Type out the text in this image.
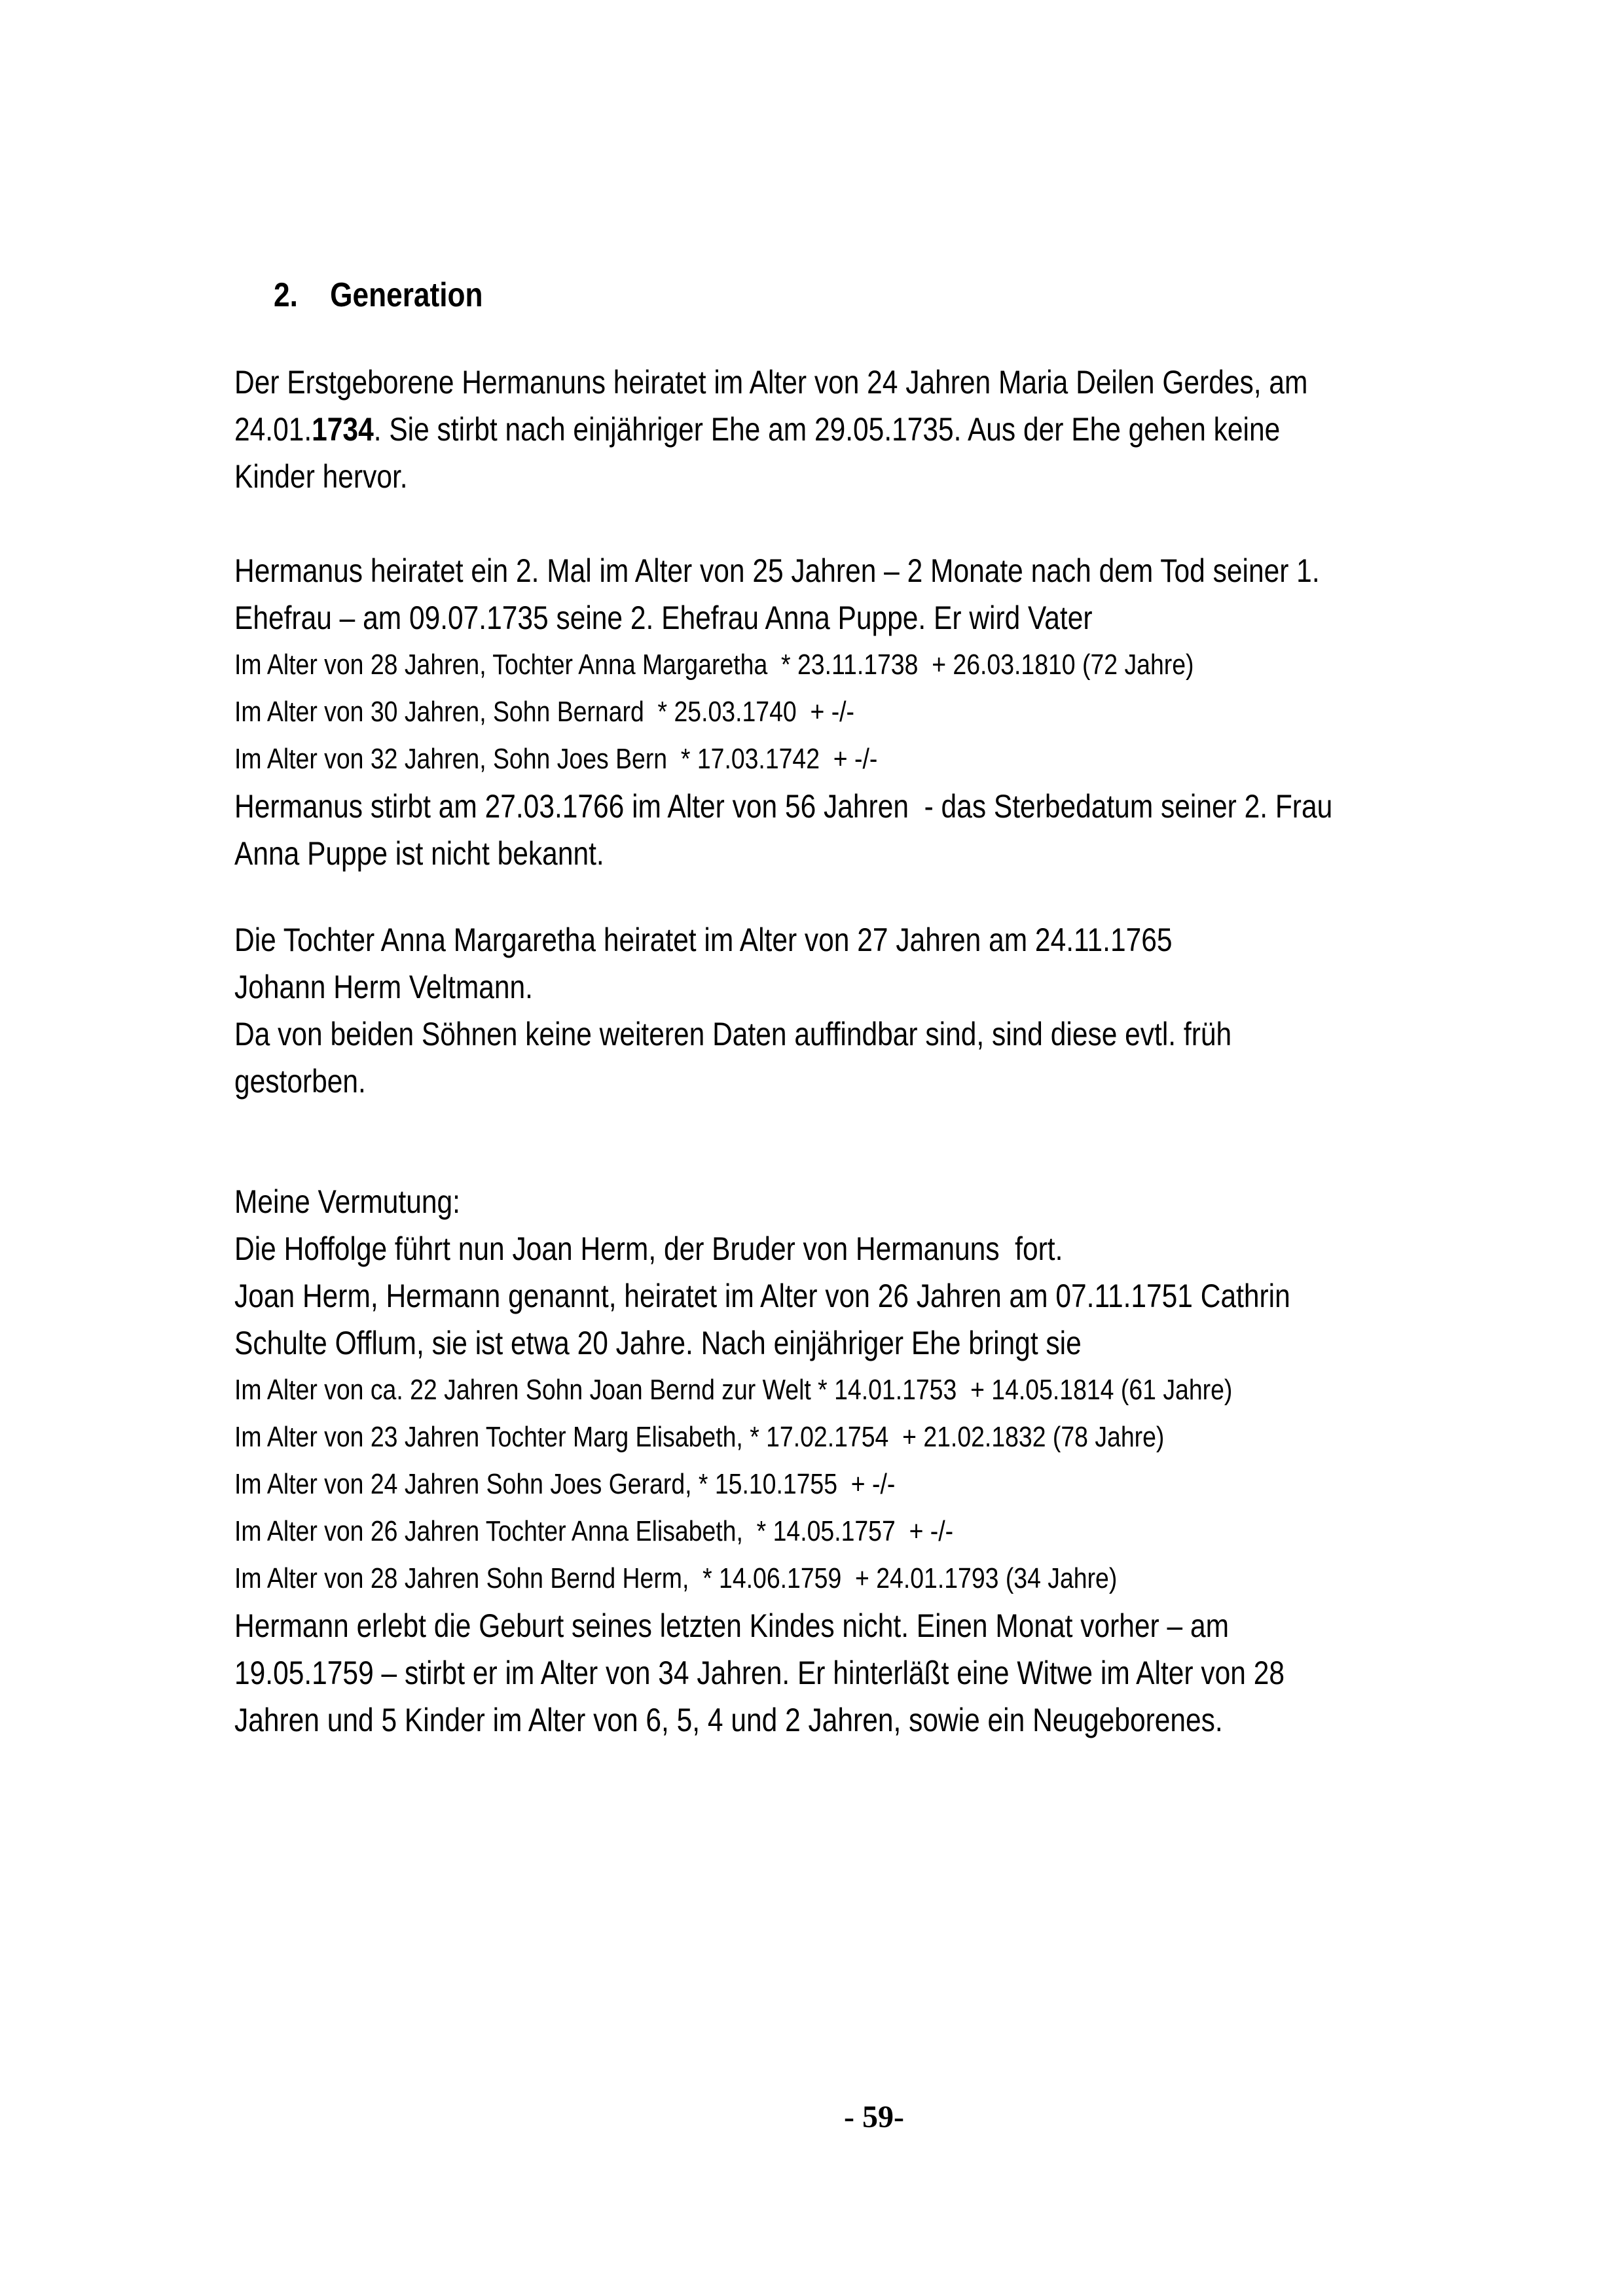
2. Generation
Der Erstgeborene Hermanuns heiratet im Alter von 24 Jahren Maria Deilen Gerdes, am
24.01.1734. Sie stirbt nach einjähriger Ehe am 29.05.1735. Aus der Ehe gehen keine
Kinder hervor.
Hermanus heiratet ein 2. Mal im Alter von 25 Jahren – 2 Monate nach dem Tod seiner 1.
Ehefrau – am 09.07.1735 seine 2. Ehefrau Anna Puppe. Er wird Vater
Im Alter von 28 Jahren, Tochter Anna Margaretha  * 23.11.1738  + 26.03.1810 (72 Jahre)
Im Alter von 30 Jahren, Sohn Bernard  * 25.03.1740  + -/-
Im Alter von 32 Jahren, Sohn Joes Bern  * 17.03.1742  + -/-
Hermanus stirbt am 27.03.1766 im Alter von 56 Jahren  - das Sterbedatum seiner 2. Frau
Anna Puppe ist nicht bekannt.
Die Tochter Anna Margaretha heiratet im Alter von 27 Jahren am 24.11.1765
Johann Herm Veltmann.
Da von beiden Söhnen keine weiteren Daten auffindbar sind, sind diese evtl. früh
gestorben.
Meine Vermutung:
Die Hoffolge führt nun Joan Herm, der Bruder von Hermanuns  fort.
Joan Herm, Hermann genannt, heiratet im Alter von 26 Jahren am 07.11.1751 Cathrin
Schulte Offlum, sie ist etwa 20 Jahre. Nach einjähriger Ehe bringt sie
Im Alter von ca. 22 Jahren Sohn Joan Bernd zur Welt * 14.01.1753  + 14.05.1814 (61 Jahre)
Im Alter von 23 Jahren Tochter Marg Elisabeth, * 17.02.1754  + 21.02.1832 (78 Jahre)
Im Alter von 24 Jahren Sohn Joes Gerard, * 15.10.1755  + -/-
Im Alter von 26 Jahren Tochter Anna Elisabeth,  * 14.05.1757  + -/-
Im Alter von 28 Jahren Sohn Bernd Herm,  * 14.06.1759  + 24.01.1793 (34 Jahre)
Hermann erlebt die Geburt seines letzten Kindes nicht. Einen Monat vorher – am
19.05.1759 – stirbt er im Alter von 34 Jahren. Er hinterläßt eine Witwe im Alter von 28
Jahren und 5 Kinder im Alter von 6, 5, 4 und 2 Jahren, sowie ein Neugeborenes.
- 59-
